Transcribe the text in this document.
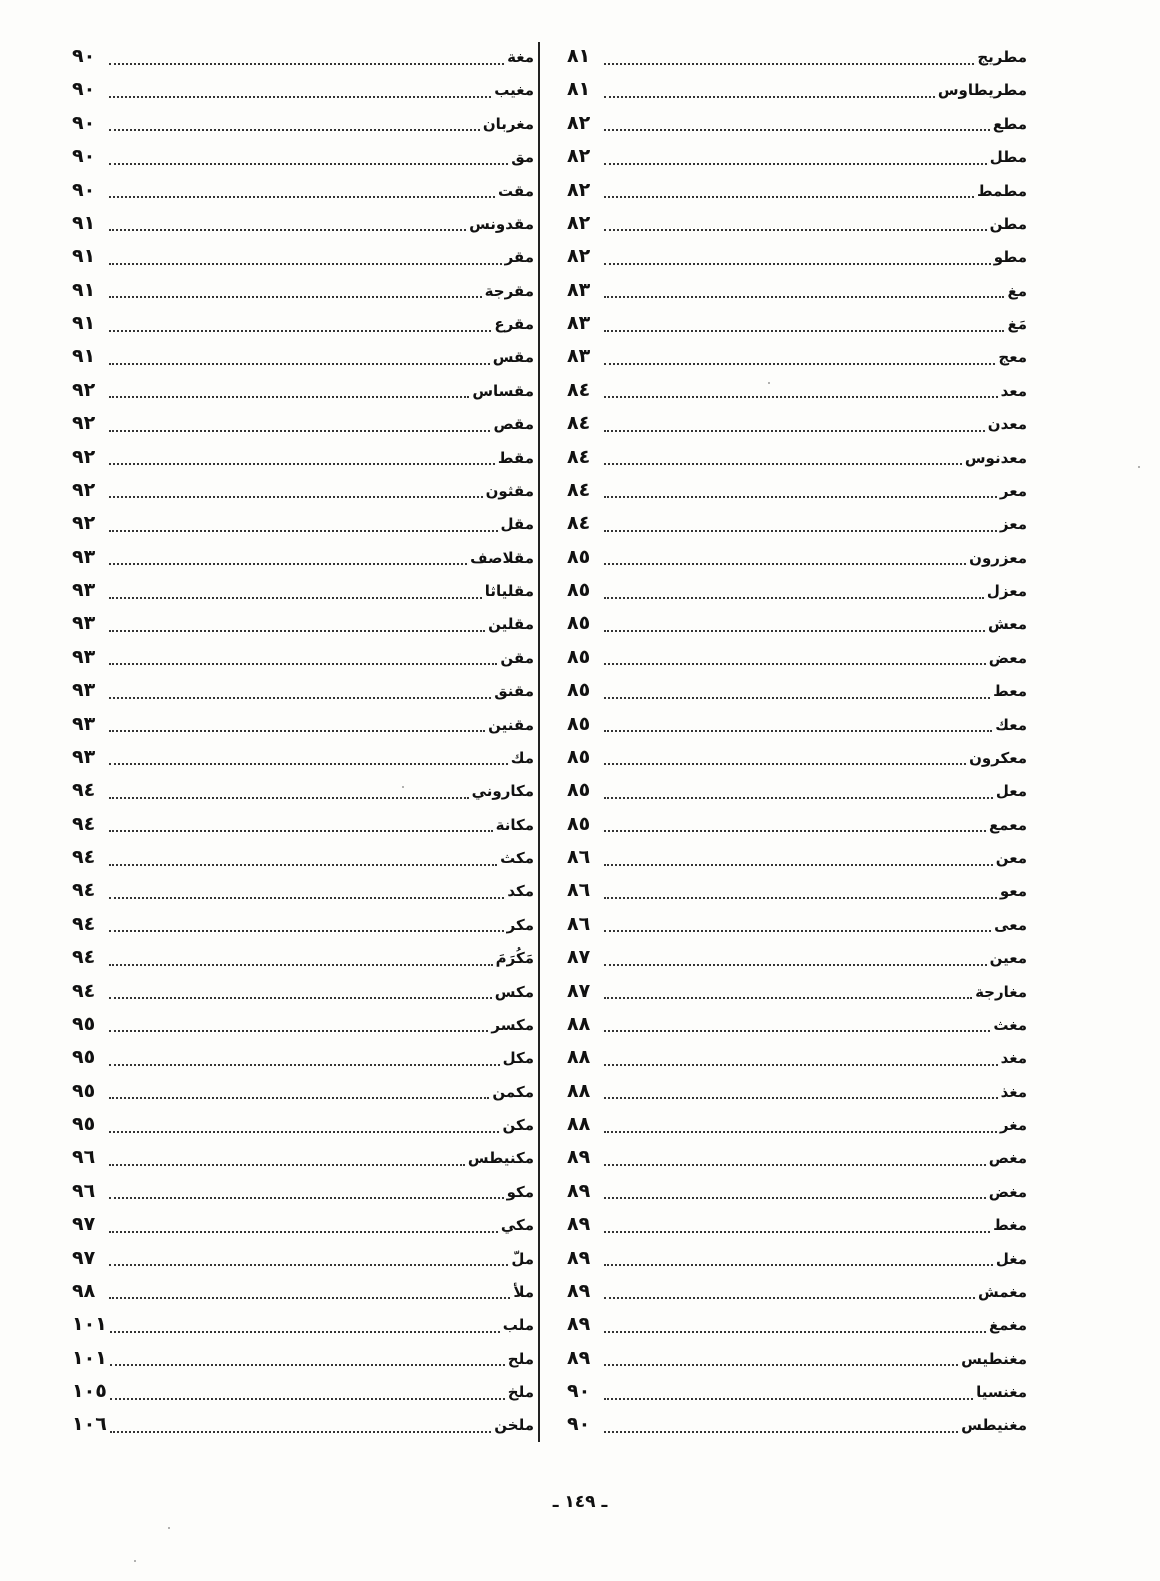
مطريج
٨١
مطريطاوس
٨١
مطع
٨٢
مطل
٨٢
مطمط
٨٢
مطن
٨٢
مطو
٨٢
مغ
٨٣
مَغ
٨٣
معج
٨٣
معد
٨٤
معدن
٨٤
معدنوس
٨٤
معر
٨٤
معز
٨٤
معزرون
٨٥
معزل
٨٥
معش
٨٥
معض
٨٥
معط
٨٥
معك
٨٥
معكرون
٨٥
معل
٨٥
معمع
٨٥
معن
٨٦
معو
٨٦
معى
٨٦
معين
٨٧
مغارجة
٨٧
مغث
٨٨
مغد
٨٨
مغذ
٨٨
مغر
٨٨
مغص
٨٩
مغض
٨٩
مغط
٨٩
مغل
٨٩
مغمش
٨٩
مغمغ
٨٩
مغنطيس
٨٩
مغنسيا
٩٠
مغنيطس
٩٠
مغة
٩٠
مغيب
٩٠
مغربان
٩٠
مق
٩٠
مقت
٩٠
مقدونس
٩١
مقر
٩١
مقرجة
٩١
مقرع
٩١
مقس
٩١
مقساس
٩٢
مقص
٩٢
مقط
٩٢
مقثون
٩٢
مقل
٩٢
مقلاصف
٩٣
مقلياثا
٩٣
مقلين
٩٣
مقن
٩٣
مقنق
٩٣
مقنين
٩٣
مك
٩٣
مكاروني
٩٤
مكانة
٩٤
مكث
٩٤
مكد
٩٤
مكر
٩٤
مَكُرَمَ
٩٤
مكس
٩٤
مكسر
٩٥
مكل
٩٥
مكمن
٩٥
مكن
٩٥
مكنيطس
٩٦
مكو
٩٦
مكي
٩٧
ملّ
٩٧
ملأ
٩٨
ملب
١٠١
ملح
١٠١
ملخ
١٠٥
ملخن
١٠٦
ـ ١٤٩ ـ
